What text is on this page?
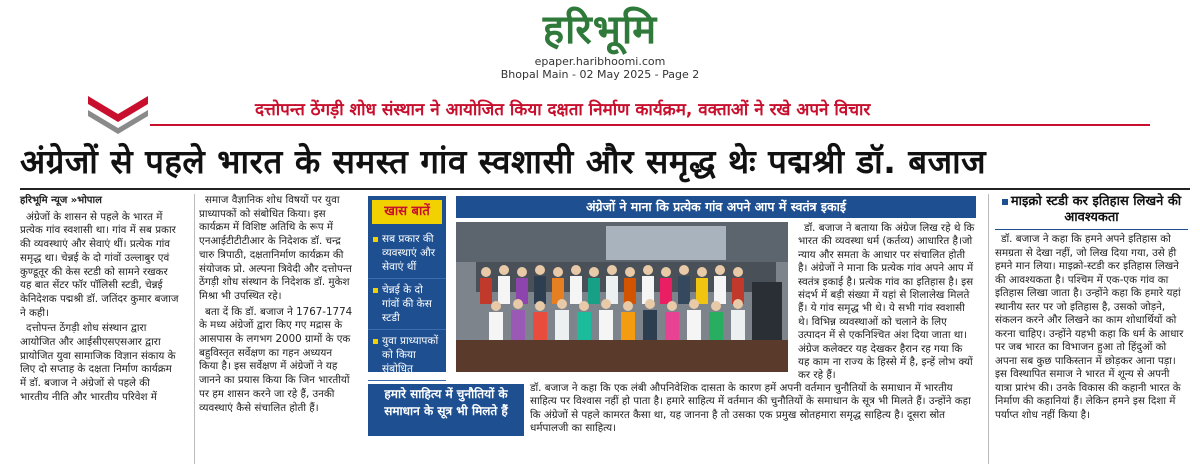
हरिभूमि
epaper.haribhoomi.com
Bhopal Main - 02 May 2025 - Page 2
दत्तोपन्त ठेंगड़ी शोध संस्थान ने आयोजित किया दक्षता निर्माण कार्यक्रम, वक्ताओं ने रखे अपने विचार
अंग्रेजों से पहले भारत के समस्त गांव स्वशासी और समृद्ध थेः पद्मश्री डॉ. बजाज
हरिभूमि न्यूज »भोपाल

अंग्रेजों के शासन से पहले के भारत में प्रत्येक गांव स्वशासी था। गांव में सब प्रकार की व्यवस्थाएं और सेवाएं थीं। प्रत्येक गांव समृद्ध था। चेन्नई के दो गांवों उल्लाबुर एवं कुण्डूतूर की केस स्टडी को सामने रखकर यह बात सेंटर फॉर पॉलिसी स्टडी, चेन्नई केनिदेशक पद्मश्री डॉ. जतिंदर कुमार बजाज ने कही।

दत्तोपन्त ठेंगड़ी शोध संस्थान द्वारा आयोजित और आईसीएसएसआर द्वारा प्रायोजित युवा सामाजिक विज्ञान संकाय के लिए दो सप्ताह के दक्षता निर्माण कार्यक्रम में डॉ. बजाज ने अंग्रेजों से पहले की भारतीय नीति और भारतीय परिवेश में

समाज वैज्ञानिक शोध विषयों पर युवा प्राध्यापकों को संबोधित किया। इस कार्यक्रम में विशिष्ट अतिथि के रूप में एनआईटीटीटीआर के निदेशक डॉ. चन्द्र चारु त्रिपाठी, दक्षतानिर्माण कार्यक्रम की संयोजक प्रो. अल्पना त्रिवेदी और दत्तोपन्त ठेंगड़ी शोध संस्थान के निदेशक डॉ. मुकेश मिश्रा भी उपस्थित रहे।

बता दें कि डॉ. बजाज ने 1767-1774 के मध्य अंग्रेजों द्वारा किए गए मद्रास के आसपास के लगभग 2000 ग्रामों के एक बहुविस्तृत सर्वेक्षण का गहन अध्ययन किया है। इस सर्वेक्षण में अंग्रेजों ने यह जानने का प्रयास किया कि जिन भारतीयों पर हम शासन करने जा रहे हैं, उनकी व्यवस्थाएं कैसे संचालित होती हैं।

खास बातें
सब प्रकार की व्यवस्थाएं और सेवाएं थीं
चेन्नई के दो गांवों की केस स्टडी
युवा प्राध्यापकों को किया संबोधित
अंग्रेजों ने माना कि प्रत्येक गांव अपने आप में स्वतंत्र इकाई

डॉ. बजाज ने बताया कि अंग्रेज लिख रहे थे कि भारत की व्यवस्था धर्म (कर्तव्य) आधारित है।जो न्याय और समता के आधार पर संचालित होती है। अंग्रेजों ने माना कि प्रत्येक गांव अपने आप में स्वतंत्र इकाई है। प्रत्येक गांव का इतिहास है। इस संदर्भ में बड़ी संख्या में यहां से शिलालेख मिलते हैं। ये गांव समृद्ध भी थे। ये सभी गांव स्वशासी थे। विभिन्न व्यवस्थाओं को चलाने के लिए उत्पादन में से एकनिश्चित अंश दिया जाता था। अंग्रेज कलेक्टर यह देखकर हैरान रह गया कि यह काम ना राज्य के हिस्से में है, इन्हें लोभ क्यों कर रहे हैं।

हमारे साहित्य में चुनौतियों के समाधान के सूत्र भी मिलते हैं
डॉ. बजाज ने कहा कि एक लंबी औपनिवेशिक दासता के कारण हमें अपनी वर्तमान चुनौतियों के समाधान में भारतीय साहित्य पर विश्वास नहीं हो पाता है। हमारे साहित्य में वर्तमान की चुनौतियों के समाधान के सूत्र भी मिलते हैं। उन्होंने कहा कि अंग्रेजों से पहले कामरत कैसा था, यह जानना है तो उसका एक प्रमुख स्रोतहमारा समृद्ध साहित्य है। दूसरा स्रोत धर्मपालजी का साहित्य।
माइक्रो स्टडी कर इतिहास लिखने की आवश्यकता
डॉ. बजाज ने कहा कि हमने अपने इतिहास को समग्रता से देखा नहीं, जो लिख दिया गया, उसे ही हमने मान लिया। माइक्रो-स्टडी कर इतिहास लिखने की आवश्यकता है। पश्चिम में एक-एक गांव का इतिहास लिखा जाता है। उन्होंने कहा कि हमारे यहां स्थानीय स्तर पर जो इतिहास है, उसको जोड़ने, संकलन करने और लिखने का काम शोधार्थियों को करना चाहिए। उन्होंने यहभी कहा कि धर्म के आधार पर जब भारत का विभाजन हुआ तो हिंदुओं को अपना सब कुछ पाकिस्तान में छोड़कर आना पड़ा। इस विस्थापित समाज ने भारत में शून्य से अपनी यात्रा प्रारंभ की। उनके विकास की कहानी भारत के निर्माण की कहानियां हैं। लेकिन हमने इस दिशा में पर्याप्त शोध नहीं किया है।
